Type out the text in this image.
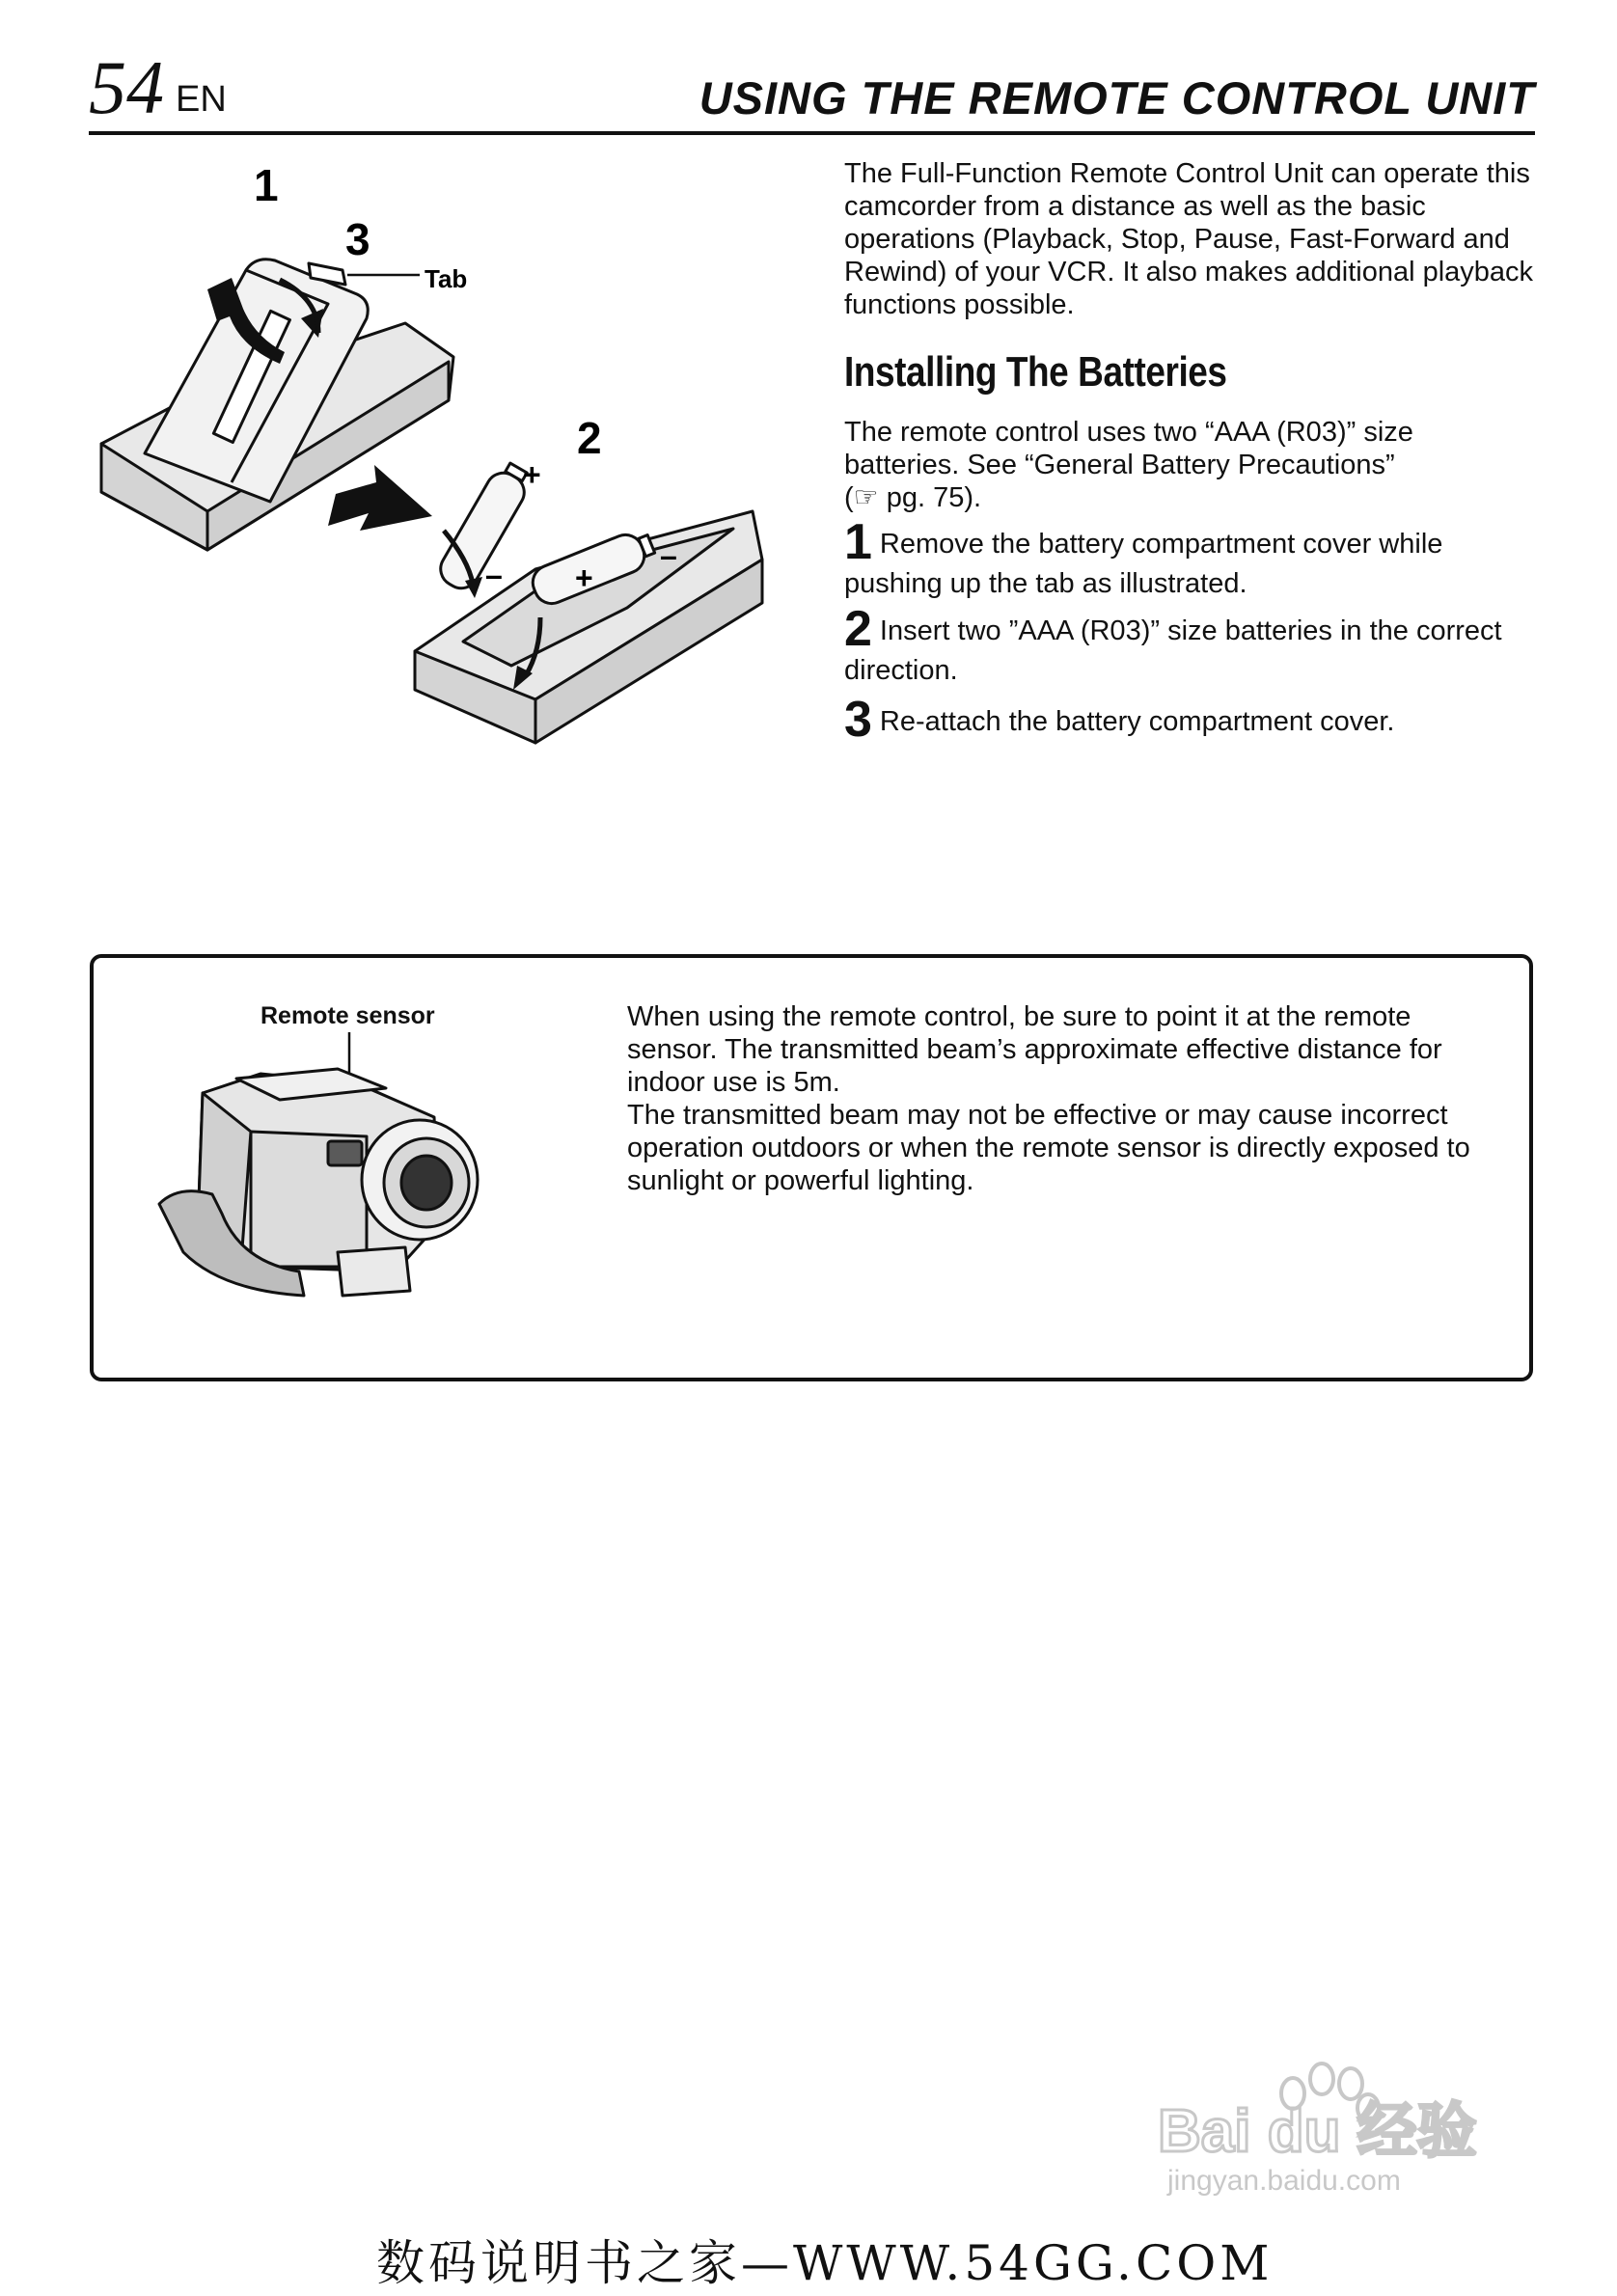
54 EN	USING THE REMOTE CONTROL UNIT
1
3
Tab
2
+
– +
–
The Full-Function Remote Control Unit can operate this camcorder from a distance as well as the basic operations (Playback, Stop, Pause, Fast-Forward and Rewind) of your VCR. It also makes additional playback functions possible.
Installing The Batteries
The remote control uses two “AAA (R03)” size batteries. See “General Battery Precautions”
(☞ pg. 75).
1 Remove the battery compartment cover while pushing up the tab as illustrated.
2 Insert two ”AAA (R03)” size batteries in the correct direction.
3 Re-attach the battery compartment cover.
Remote sensor	When using the remote control, be sure to point it at the remote sensor. The transmitted beam’s approximate effective distance for indoor use is 5m.
The transmitted beam may not be effective or may cause incorrect operation outdoors or when the remote sensor is directly exposed to sunlight or powerful lighting.
Bai du 经验
jingyan.baidu.com
数码说明书之家—WWW.54GG.COM
